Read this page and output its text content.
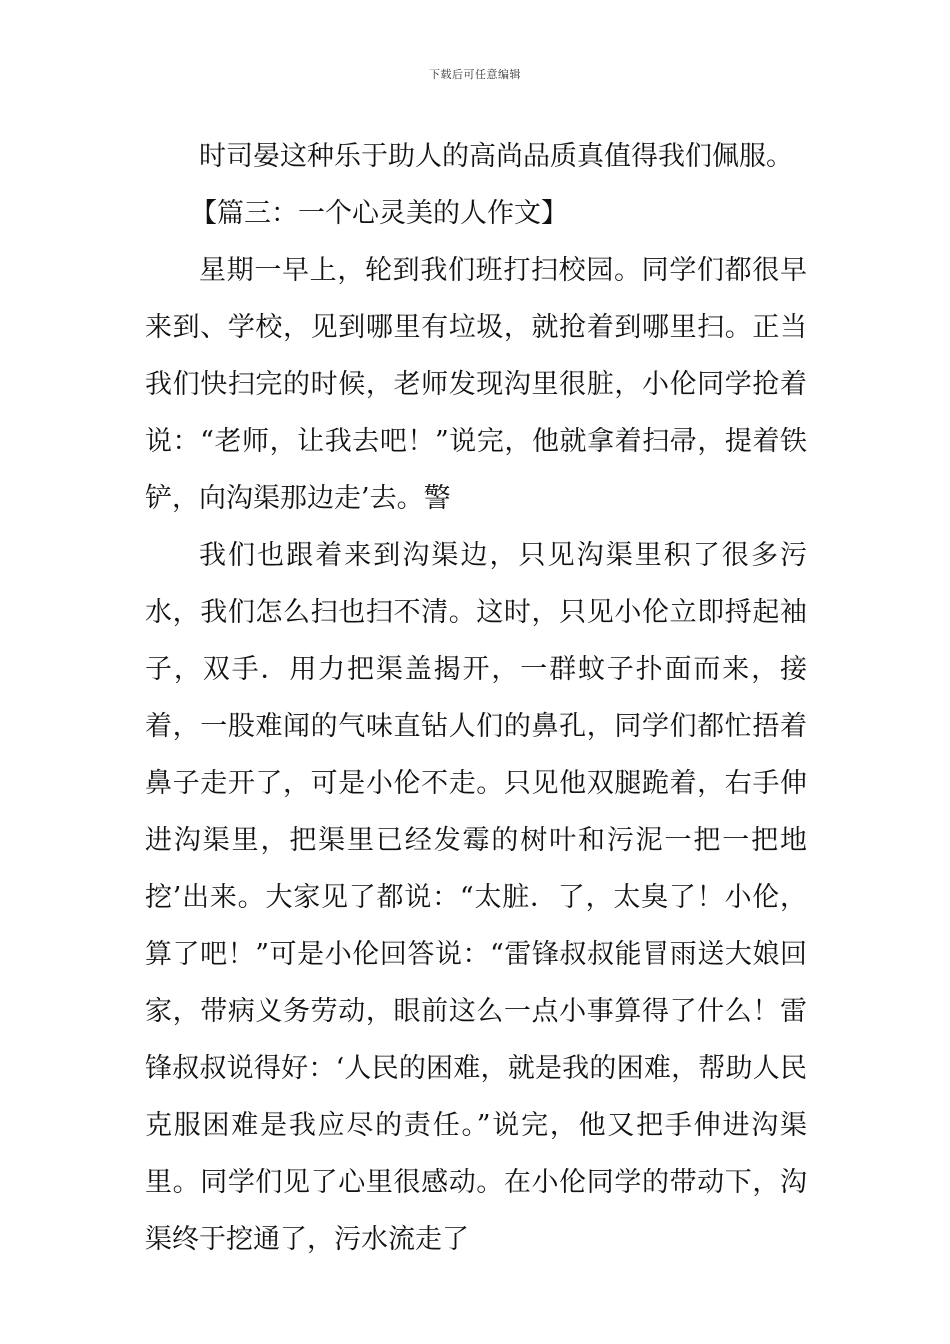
下载后可任意编辑

时司晏这种乐于助人的高尚品质真值得我们佩服。

【篇三：一个心灵美的人作文】

星期一早上，轮到我们班打扫校园。同学们都很早来到、学校，见到哪里有垃圾，就抢着到哪里扫。正当我们快扫完的时候，老师发现沟里很脏，小伦同学抢着说：“老师，让我去吧！”说完，他就拿着扫帚，提着铁铲，向沟渠那边走’去。警

我们也跟着来到沟渠边，只见沟渠里积了很多污水，我们怎么扫也扫不清。这时，只见小伦立即捋起袖子，双手．用力把渠盖揭开，一群蚊子扑面而来，接着，一股难闻的气味直钻人们的鼻孔，同学们都忙捂着鼻子走开了，可是小伦不走。只见他双腿跪着，右手伸进沟渠里，把渠里已经发霉的树叶和污泥一把一把地挖’出来。大家见了都说：“太脏．了，太臭了！小伦，算了吧！”可是小伦回答说：“雷锋叔叔能冒雨送大娘回家，带病义务劳动，眼前这么一点小事算得了什么！雷锋叔叔说得好：‘人民的困难，就是我的困难，帮助人民克服困难是我应尽的责任。”说完，他又把手伸进沟渠里。同学们见了心里很感动。在小伦同学的带动下，沟渠终于挖通了，污水流走了
